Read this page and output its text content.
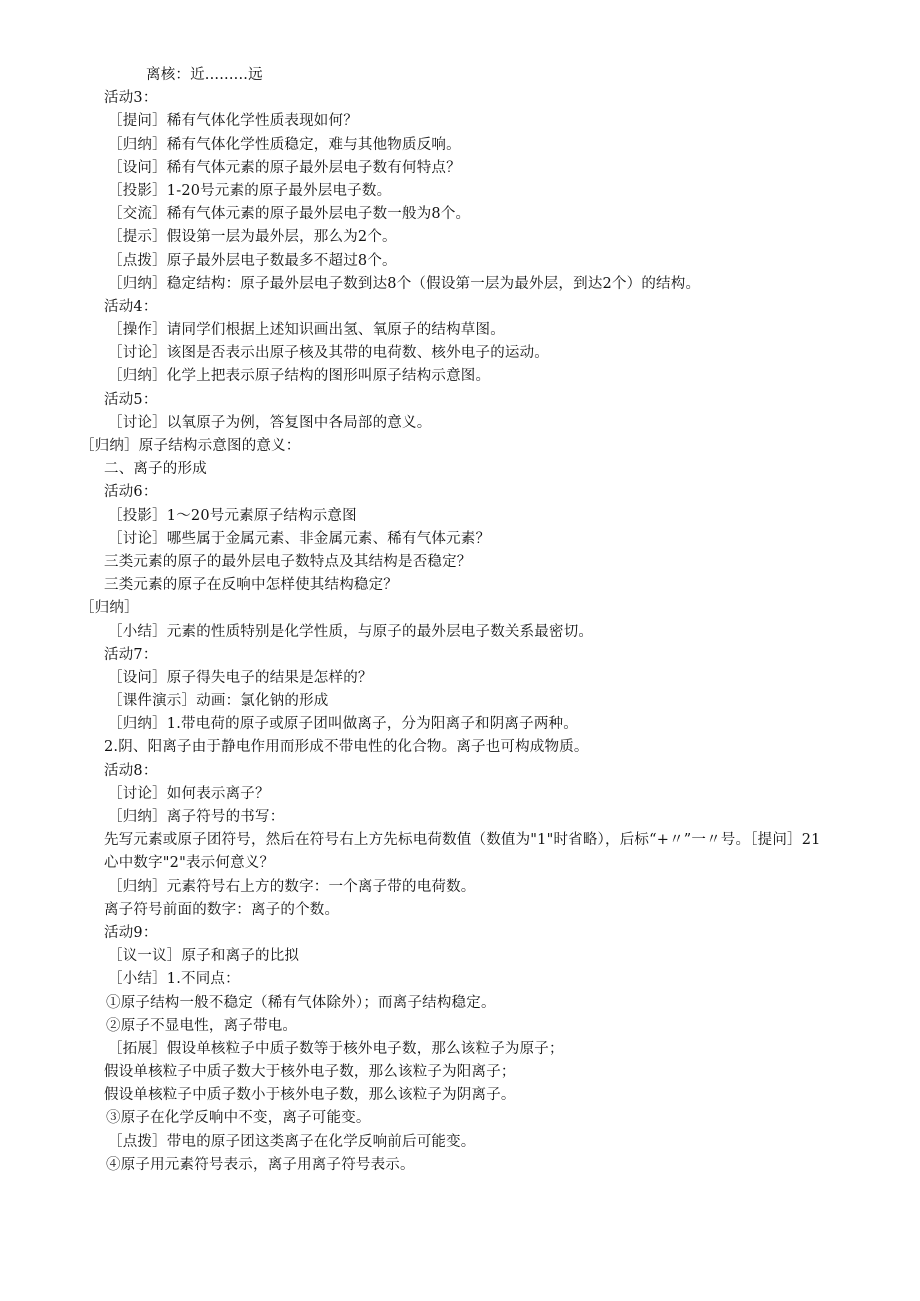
离核：近.........远
活动3：
［提问］稀有气体化学性质表现如何？
［归纳］稀有气体化学性质稳定，难与其他物质反响。
［设问］稀有气体元素的原子最外层电子数有何特点？
［投影］1-20号元素的原子最外层电子数。
［交流］稀有气体元素的原子最外层电子数一般为8个。
［提示］假设第一层为最外层，那么为2个。
［点拨］原子最外层电子数最多不超过8个。
［归纳］稳定结构：原子最外层电子数到达8个（假设第一层为最外层，到达2个）的结构。
活动4：
［操作］请同学们根据上述知识画出氢、氧原子的结构草图。
［讨论］该图是否表示出原子核及其带的电荷数、核外电子的运动。
［归纳］化学上把表示原子结构的图形叫原子结构示意图。
活动5：
［讨论］以氧原子为例，答复图中各局部的意义。
［归纳］原子结构示意图的意义：
二、离子的形成
活动6：
［投影］1～20号元素原子结构示意图
［讨论］哪些属于金属元素、非金属元素、稀有气体元素？
三类元素的原子的最外层电子数特点及其结构是否稳定？
三类元素的原子在反响中怎样使其结构稳定？
［归纳］
［小结］元素的性质特别是化学性质，与原子的最外层电子数关系最密切。
活动7：
［设问］原子得失电子的结果是怎样的？
［课件演示］动画：氯化钠的形成
［归纳］1.带电荷的原子或原子团叫做离子，分为阳离子和阴离子两种。
2.阴、阳离子由于静电作用而形成不带电性的化合物。离子也可构成物质。
活动8：
［讨论］如何表示离子？
［归纳］离子符号的书写：
先写元素或原子团符号，然后在符号右上方先标电荷数值（数值为"1"时省略），后标“+〃”一〃号。［提问］21心中数字"2"表示何意义？
［归纳］元素符号右上方的数字：一个离子带的电荷数。
离子符号前面的数字：离子的个数。
活动9：
［议一议］原子和离子的比拟
［小结］1.不同点：
①原子结构一般不稳定（稀有气体除外）；而离子结构稳定。
②原子不显电性，离子带电。
［拓展］假设单核粒子中质子数等于核外电子数，那么该粒子为原子；
假设单核粒子中质子数大于核外电子数，那么该粒子为阳离子；
假设单核粒子中质子数小于核外电子数，那么该粒子为阴离子。
③原子在化学反响中不变，离子可能变。
［点拨］带电的原子团这类离子在化学反响前后可能变。
④原子用元素符号表示，离子用离子符号表示。
